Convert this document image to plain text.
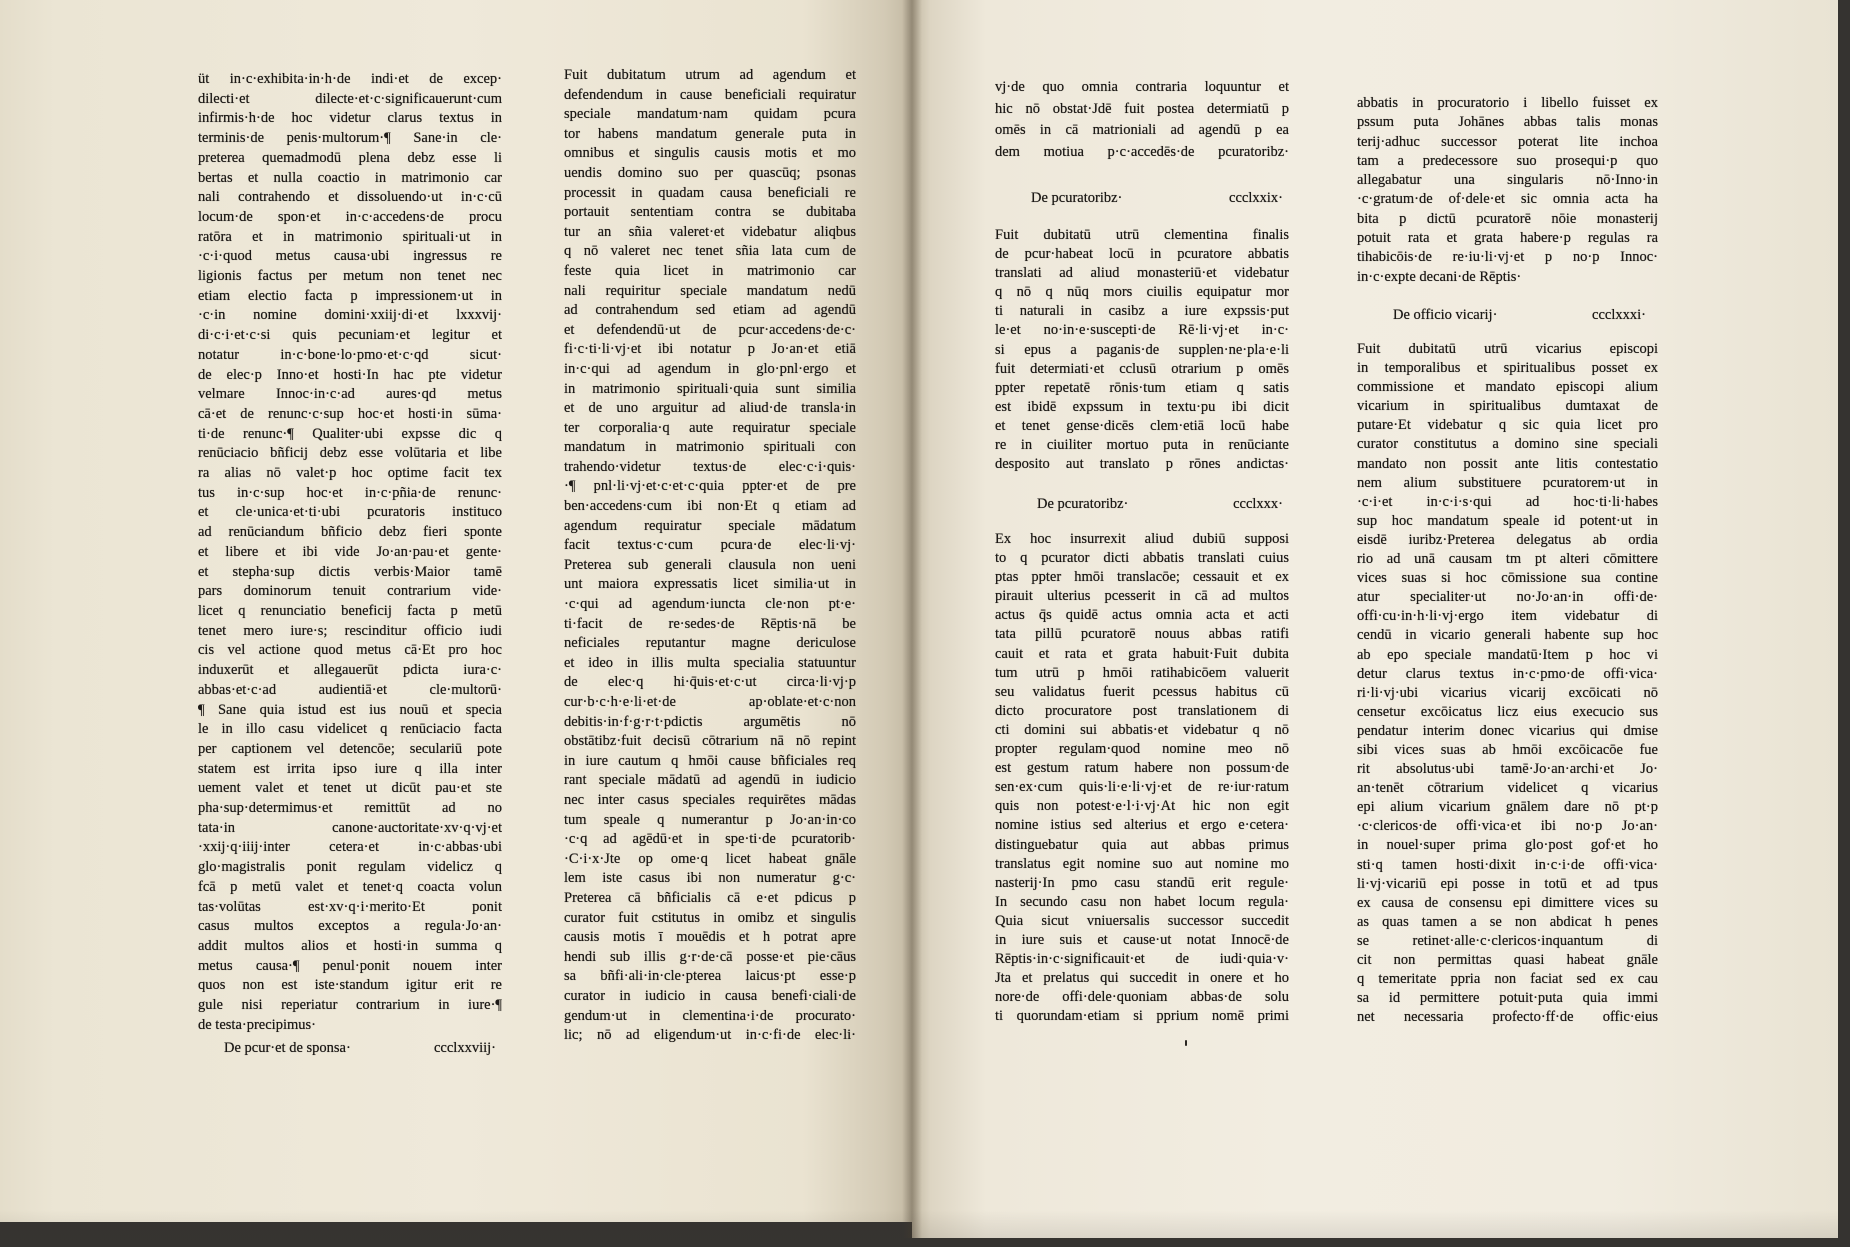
üt in·c·exhibita·in·h·de indi·et de excep·
dilecti·et dilecte·et·c·significauerunt·cum
infirmis·h·de hoc videtur clarus textus in
terminis·de penis·multorum·¶ Sane·in cle·
preterea quemadmodū plena debz esse li
bertas et nulla coactio in matrimonio car
nali contrahendo et dissoluendo·ut in·c·cū
locum·de spon·et in·c·accedens·de procu
ratōra et in matrimonio spirituali·ut in
·c·i·quod metus causa·ubi ingressus re
ligionis factus per metum non tenet nec
etiam electio facta p impressionem·ut in
·c·in nomine domini·xxiij·di·et lxxxvij·
di·c·i·et·c·si quis pecuniam·et legitur et
notatur in·c·bone·lo·pmo·et·c·qd sicut·
de elec·p Inno·et hosti·In hac pte videtur
velmare Innoc·in·c·ad aures·qd metus
cā·et de renunc·c·sup hoc·et hosti·in sūma·
ti·de renunc·¶ Qualiter·ubi expsse dic q
renūciacio bñficij debz esse volūtaria et libe
ra alias nō valet·p hoc optime facit tex
tus in·c·sup hoc·et in·c·pñia·de renunc·
et cle·unica·et·ti·ubi pcuratoris instituco
ad renūciandum bñficio debz fieri sponte
et libere et ibi vide Jo·an·pau·et gente·
et stepha·sup dictis verbis·Maior tamē
pars dominorum tenuit contrarium vide·
licet q renunciatio beneficij facta p metū
tenet mero iure·s; rescinditur officio iudi
cis vel actione quod metus cā·Et pro hoc
induxerūt et allegauerūt pdicta iura·c·
abbas·et·c·ad audientiā·et cle·multorū·
¶ Sane quia istud est ius nouū et specia
le in illo casu videlicet q renūciacio facta
per captionem vel detencōe; seculariū pote
statem est irrita ipso iure q illa inter
uement valet et tenet ut dicūt pau·et ste
pha·sup·determimus·et remittūt ad no
tata·in canone·auctoritate·xv·q·vj·et
·xxij·q·iiij·inter cetera·et in·c·abbas·ubi
glo·magistralis ponit regulam videlicz q
fcā p metū valet et tenet·q coacta volun
tas·volūtas est·xv·q·i·merito·Et ponit
casus multos exceptos a regula·Jo·an·
addit multos alios et hosti·in summa q
metus causa·¶ penul·ponit nouem inter
quos non est iste·standum igitur erit re
gule nisi reperiatur contrarium in iure·¶
de testa·precipimus·
De pcur·et de sponsa·	ccclxxviij·
Fuit dubitatum utrum ad agendum et
defendendum in cause beneficiali requiratur
speciale mandatum·nam quidam pcura
tor habens mandatum generale puta in
omnibus et singulis causis motis et mo
uendis domino suo per quascūq; psonas
processit in quadam causa beneficiali re
portauit sententiam contra se dubitaba
tur an sñia valeret·et videbatur aliqbus
q nō valeret nec tenet sñia lata cum de
feste quia licet in matrimonio car
nali requiritur speciale mandatum nedū
ad contrahendum sed etiam ad agendū
et defendendū·ut de pcur·accedens·de·c·
fi·c·ti·li·vj·et ibi notatur p Jo·an·et etiā
in·c·qui ad agendum in glo·pnl·ergo et
in matrimonio spirituali·quia sunt similia
et de uno arguitur ad aliud·de transla·in
ter corporalia·q aute requiratur speciale
mandatum in matrimonio spirituali con
trahendo·videtur textus·de elec·c·i·quis·
·¶ pnl·li·vj·et·c·et·c·quia ppter·et de pre
ben·accedens·cum ibi non·Et q etiam ad
agendum requiratur speciale mādatum
facit textus·c·cum pcura·de elec·li·vj·
Preterea sub generali clausula non ueni
unt maiora expressatis licet similia·ut in
·c·qui ad agendum·iuncta cle·non pt·e·
ti·facit de re·sedes·de Rēptis·nā be
neficiales reputantur magne dericulose
et ideo in illis multa specialia statuuntur
de elec·q hi·q̄uis·et·c·ut circa·li·vj·p
cur·b·c·h·e·li·et·de ap·oblate·et·c·non
debitis·in·f·g·r·t·pdictis argumētis nō
obstātibz·fuit decisū cōtrarium nā nō repint
in iure cautum q hmōi cause bñficiales req
rant speciale mādatū ad agendū in iudicio
nec inter casus speciales requirētes mādas
tum speale q numerantur p Jo·an·in·co
·c·q ad agēdū·et in spe·ti·de pcuratorib·
·C·i·x·Jte op ome·q licet habeat gnāle
lem iste casus ibi non numeratur g·c·
Preterea cā bñficialis cā e·et pdicus p
curator fuit cstitutus in omibz et singulis
causis motis ī mouēdis et h potrat apre
hendi sub illis g·r·de·cā posse·et pie·cāus
sa bñfi·ali·in·cle·pterea laicus·pt esse·p
curator in iudicio in causa benefi·ciali·de
gendum·ut in clementina·i·de procurato·
lic; nō ad eligendum·ut in·c·fi·de elec·li·
vj·de quo omnia contraria loquuntur et
hic nō obstat·Jdē fuit postea determiatū p
omēs in cā matrioniali ad agendū p ea
dem motiua p·c·accedēs·de pcuratoribz·
De pcuratoribz·	ccclxxix·
Fuit dubitatū utrū clementina finalis
de pcur·habeat locū in pcuratore abbatis
translati ad aliud monasteriū·et videbatur
q nō q nūq mors ciuilis equipatur mor
ti naturali in casibz a iure expssis·put
le·et no·in·e·suscepti·de Rē·li·vj·et in·c·
si epus a paganis·de supplen·ne·pla·e·li
fuit determiati·et cclusū otrarium p omēs
ppter repetatē rōnis·tum etiam q satis
est ibidē expssum in textu·pu ibi dicit
et tenet gense·dicēs clem·etiā locū habe
re in ciuiliter mortuo puta in renūciante
desposito aut translato p rōnes andictas·
De pcuratoribz·	ccclxxx·
Ex hoc insurrexit aliud dubiū supposi
to q pcurator dicti abbatis translati cuius
ptas ppter hmōi translacōe; cessauit et ex
pirauit ulterius pcesserit in cā ad multos
actus q̄s quidē actus omnia acta et acti
tata pillū pcuratorē nouus abbas ratifi
cauit et rata et grata habuit·Fuit dubita
tum utrū p hmōi ratihabicōem valuerit
seu validatus fuerit pcessus habitus cū
dicto procuratore post translationem di
cti domini sui abbatis·et videbatur q nō
propter regulam·quod nomine meo nō
est gestum ratum habere non possum·de
sen·ex·cum quis·li·e·li·vj·et de re·iur·ratum
quis non potest·e·l·i·vj·At hic non egit
nomine istius sed alterius et ergo e·cetera·
distinguebatur quia aut abbas primus
translatus egit nomine suo aut nomine mo
nasterij·In pmo casu standū erit regule·
In secundo casu non habet locum regula·
Quia sicut vniuersalis successor succedit
in iure suis et cause·ut notat Innocē·de
Rēptis·in·c·significauit·et de iudi·quia·v·
Jta et prelatus qui succedit in onere et ho
nore·de offi·dele·quoniam abbas·de solu
ti quorundam·etiam si pprium nomē primi
abbatis in procuratorio i libello fuisset ex
pssum puta Johānes abbas talis monas
terij·adhuc successor poterat lite inchoa
tam a predecessore suo prosequi·p quo
allegabatur una singularis nō·Inno·in
·c·gratum·de of·dele·et sic omnia acta ha
bita p dictū pcuratorē nōie monasterij
potuit rata et grata habere·p regulas ra
tihabicōis·de re·iu·li·vj·et p no·p Innoc·
in·c·expte decani·de Rēptis·
De officio vicarij·	ccclxxxi·
Fuit dubitatū utrū vicarius episcopi
in temporalibus et spiritualibus posset ex
commissione et mandato episcopi alium
vicarium in spiritualibus dumtaxat de
putare·Et videbatur q sic quia licet pro
curator constitutus a domino sine speciali
mandato non possit ante litis contestatio
nem alium substituere pcuratorem·ut in
·c·i·et in·c·i·s·qui ad hoc·ti·li·habes
sup hoc mandatum speale id potent·ut in
eisdē iuribz·Preterea delegatus ab ordia
rio ad unā causam tm pt alteri cōmittere
vices suas si hoc cōmissione sua contine
atur specialiter·ut no·Jo·an·in offi·de·
offi·cu·in·h·li·vj·ergo item videbatur di
cendū in vicario generali habente sup hoc
ab epo speciale mandatū·Item p hoc vi
detur clarus textus in·c·pmo·de offi·vica·
ri·li·vj·ubi vicarius vicarij excōicati nō
censetur excōicatus licz eius execucio sus
pendatur interim donec vicarius qui dmise
sibi vices suas ab hmōi excōicacōe fue
rit absolutus·ubi tamē·Jo·an·archi·et Jo·
an·tenēt cōtrarium videlicet q vicarius
epi alium vicarium gnālem dare nō pt·p
·c·clericos·de offi·vica·et ibi no·p Jo·an·
in nouel·super prima glo·post gof·et ho
sti·q tamen hosti·dixit in·c·i·de offi·vica·
li·vj·vicariū epi posse in totū et ad tpus
ex causa de consensu epi dimittere vices su
as quas tamen a se non abdicat h penes
se retinet·alle·c·clericos·inquantum di
cit non permittas quasi habeat gnāle
q temeritate ppria non faciat sed ex cau
sa id permittere potuit·puta quia immi
net necessaria profecto·ff·de offic·eius
